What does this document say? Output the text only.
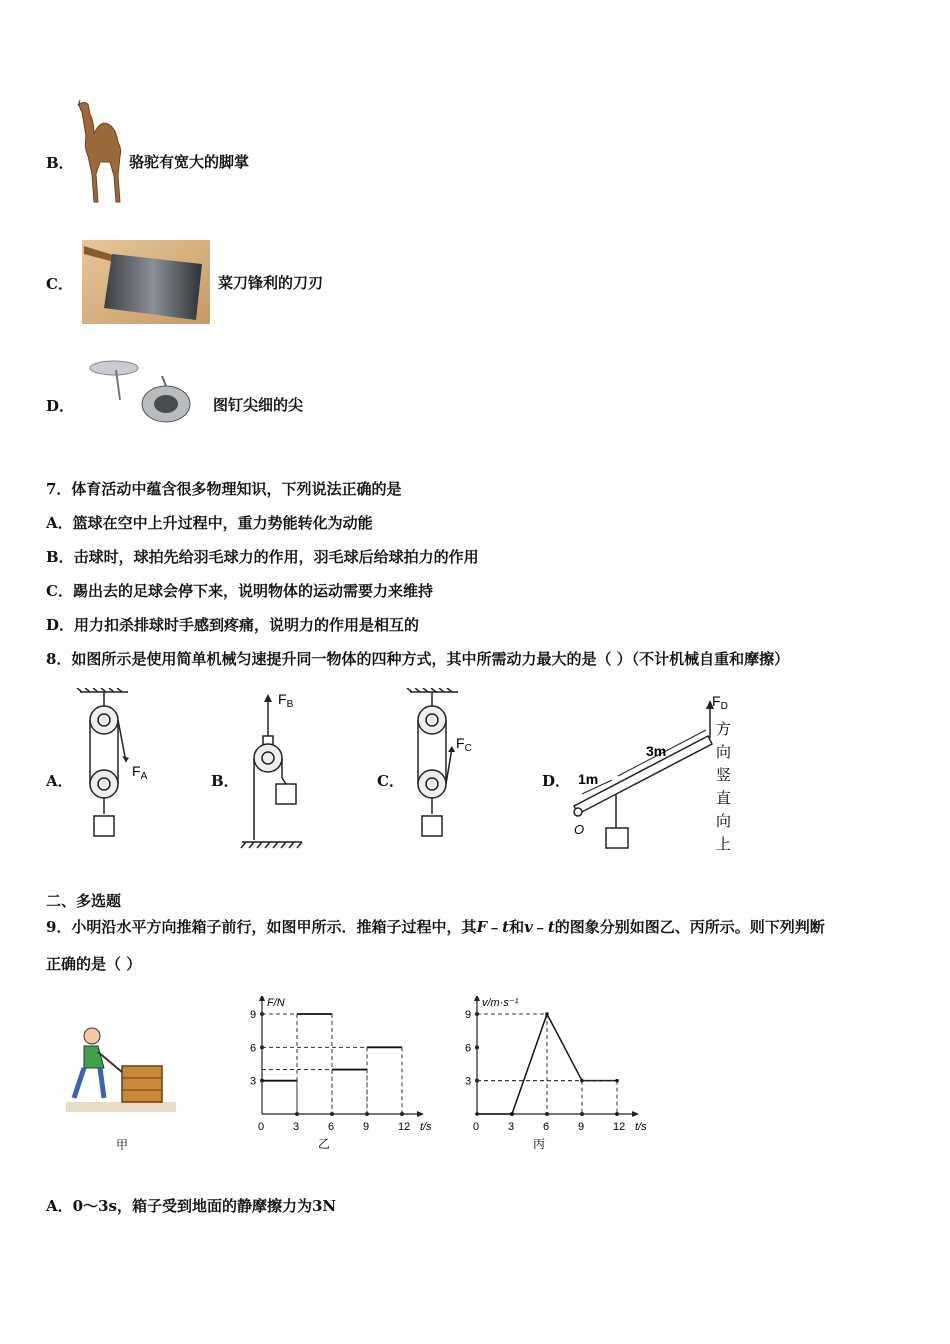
B．	骆驼有宽大的脚掌
C．	菜刀锋利的刀刃
D．	图钉尖细的尖
7．体育活动中蕴含很多物理知识，下列说法正确的是
A．篮球在空中上升过程中，重力势能转化为动能
B．击球时，球拍先给羽毛球力的作用，羽毛球后给球拍力的作用
C．踢出去的足球会停下来，说明物体的运动需要力来维持
D．用力扣杀排球时手感到疼痛，说明力的作用是相互的
8．如图所示是使用简单机械匀速提升同一物体的四种方式，其中所需动力最大的是（ ）（不计机械自重和摩擦）
A．
$F_A$	B．
$F_B$
C．
$F_C$
D． 1m
3m
O
$F_D$
方
向
竖
直
向
上
二、多选题
9．小明沿水平方向推箱子前行，如图甲所示．推箱子过程中，其F﹣t和v﹣t的图象分别如图乙、丙所示。则下列判断
正确的是（ ）
甲
F/N
t/s
0	3	6	9	12
3
6
9
乙
v/m·s⁻¹
t/s
0	3	6	9	12
3
6
9
丙
A．0～3s，箱子受到地面的静摩擦力为3N
